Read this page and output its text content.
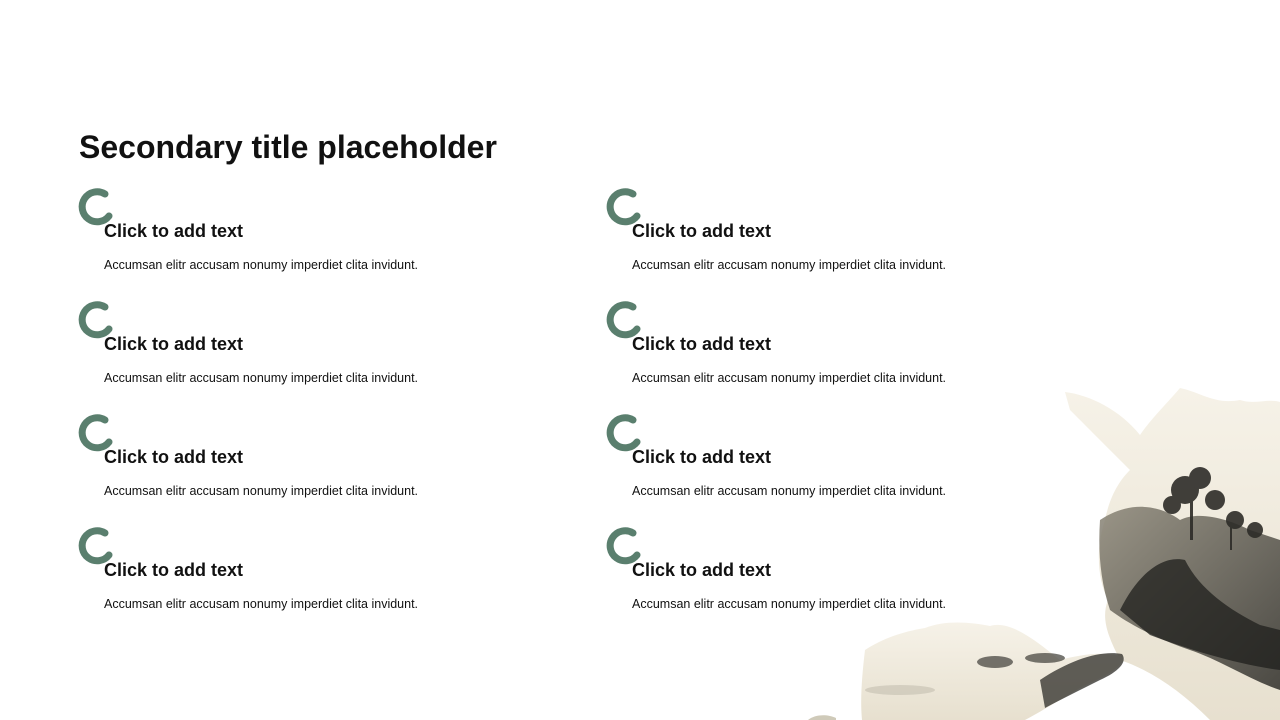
Secondary title placeholder
Click to add text
Accumsan elitr accusam nonumy imperdiet clita invidunt.
Click to add text
Accumsan elitr accusam nonumy imperdiet clita invidunt.
Click to add text
Accumsan elitr accusam nonumy imperdiet clita invidunt.
Click to add text
Accumsan elitr accusam nonumy imperdiet clita invidunt.
Click to add text
Accumsan elitr accusam nonumy imperdiet clita invidunt.
Click to add text
Accumsan elitr accusam nonumy imperdiet clita invidunt.
Click to add text
Accumsan elitr accusam nonumy imperdiet clita invidunt.
Click to add text
Accumsan elitr accusam nonumy imperdiet clita invidunt.
